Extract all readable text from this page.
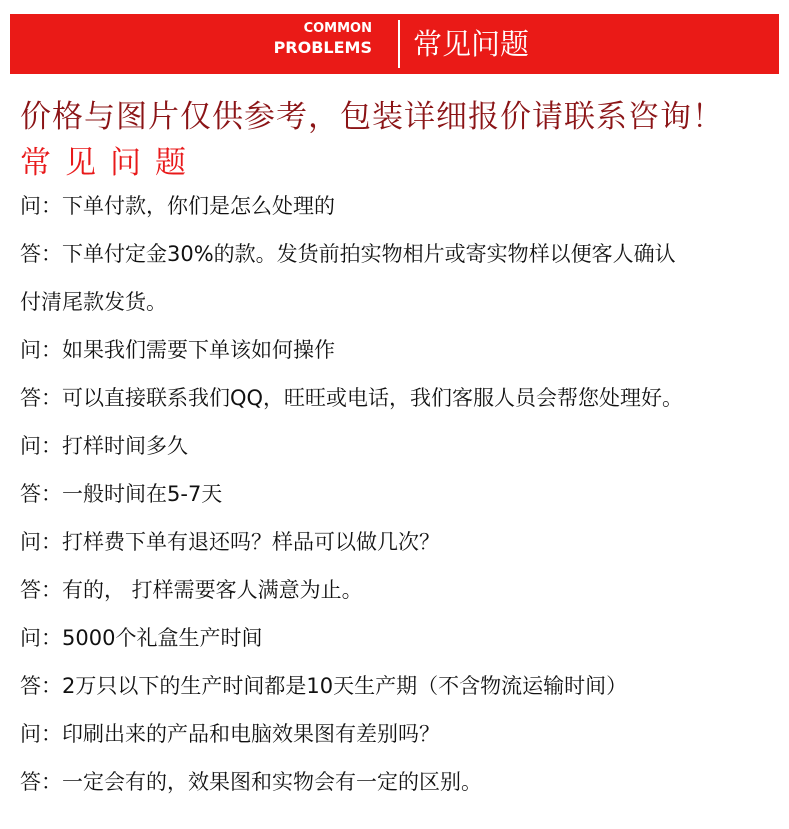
COMMON
PROBLEMS 常见问题
价格与图片仅供参考，包装详细报价请联系咨询！
常见问题
问：下单付款，你们是怎么处理的
答：下单付定金30%的款。发货前拍实物相片或寄实物样以便客人确认
付清尾款发货。
问：如果我们需要下单该如何操作
答：可以直接联系我们QQ，旺旺或电话，我们客服人员会帮您处理好。
问：打样时间多久
答：一般时间在5-7天
问：打样费下单有退还吗？样品可以做几次？
答：有的， 打样需要客人满意为止。
问：5000个礼盒生产时间
答：2万只以下的生产时间都是10天生产期（不含物流运输时间）
问：印刷出来的产品和电脑效果图有差别吗？
答：一定会有的，效果图和实物会有一定的区别。
